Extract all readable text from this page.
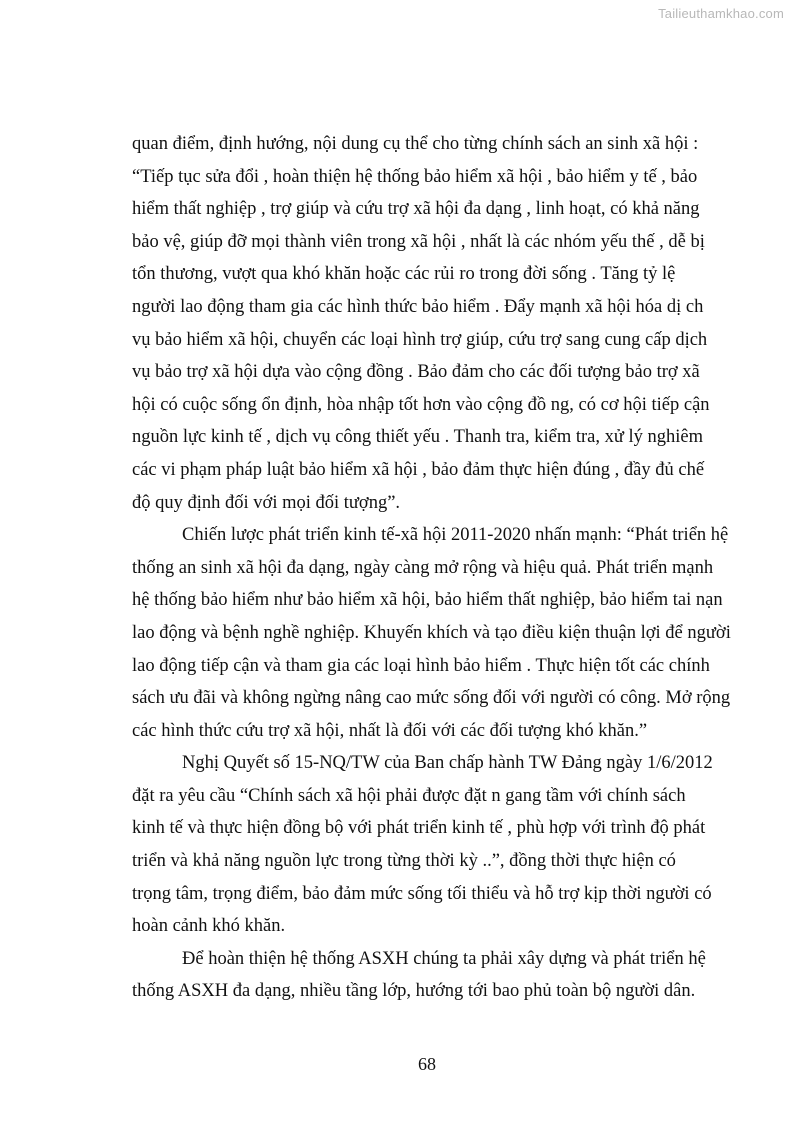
Tailieuthamkhao.com
quan điểm, định hướng, nội dung cụ thể cho từng chính sách an sinh xã hội :
“Tiếp tục sửa đổi , hoàn thiện hệ thống bảo hiểm xã hội , bảo hiểm y tế , bảo
hiểm thất nghiệp , trợ giúp và cứu trợ xã hội đa dạng , linh hoạt, có khả năng
bảo vệ, giúp đỡ mọi thành viên trong xã hội , nhất là các nhóm yếu thế , dễ bị
tổn thương, vượt qua khó khăn hoặc các rủi ro trong đời sống . Tăng tỷ lệ
người lao động tham gia các hình thức bảo hiểm . Đẩy mạnh xã hội hóa dị ch
vụ bảo hiểm xã hội, chuyển các loại hình trợ giúp, cứu trợ sang cung cấp dịch
vụ bảo trợ xã hội dựa vào cộng đồng . Bảo đảm cho các đối tượng bảo trợ xã
hội có cuộc sống ổn định, hòa nhập tốt hơn vào cộng đồ ng, có cơ hội tiếp cận
nguồn lực kinh tế , dịch vụ công thiết yếu . Thanh tra, kiểm tra, xử lý nghiêm
các vi phạm pháp luật bảo hiểm xã hội , bảo đảm thực hiện đúng , đầy đủ chế
độ quy định đối với mọi đối tượng”.
Chiến lược phát triển kinh tế-xã hội 2011-2020 nhấn mạnh: “Phát triển hệ
thống an sinh xã hội đa dạng, ngày càng mở rộng và hiệu quả. Phát triển mạnh
hệ thống bảo hiểm như bảo hiểm xã hội, bảo hiểm thất nghiệp, bảo hiểm tai nạn
lao động và bệnh nghề nghiệp. Khuyến khích và tạo điều kiện thuận lợi để người
lao động tiếp cận và tham gia các loại hình bảo hiểm . Thực hiện tốt các chính
sách ưu đãi và không ngừng nâng cao mức sống đối với người có công. Mở rộng
các hình thức cứu trợ xã hội, nhất là đối với các đối tượng khó khăn.”
Nghị Quyết số 15-NQ/TW của Ban chấp hành TW Đảng ngày 1/6/2012
đặt ra yêu cầu “Chính sách xã hội phải được đặt n gang tầm với chính sách
kinh tế và thực hiện đồng bộ với phát triển kinh tế , phù hợp với trình độ phát
triển và khả năng nguồn lực trong từng thời kỳ ..”, đồng thời thực hiện có
trọng tâm, trọng điểm, bảo đảm mức sống tối thiểu và hỗ trợ kịp thời người có
hoàn cảnh khó khăn.
Để hoàn thiện hệ thống ASXH chúng ta phải xây dựng và phát triển hệ
thống ASXH đa dạng, nhiều tầng lớp, hướng tới bao phủ toàn bộ người dân.
68
